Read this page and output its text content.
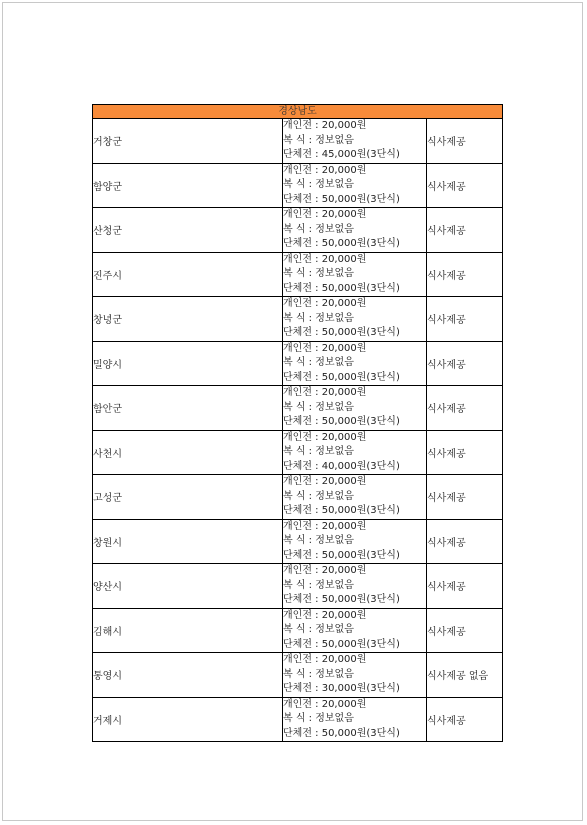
경상남도		
거창군	개인전 : 20,000원
복 식 : 정보없음
단체전 : 45,000원(3단식)	식사제공
함양군	개인전 : 20,000원
복 식 : 정보없음
단체전 : 50,000원(3단식)	식사제공
산청군	개인전 : 20,000원
복 식 : 정보없음
단체전 : 50,000원(3단식)	식사제공
진주시	개인전 : 20,000원
복 식 : 정보없음
단체전 : 50,000원(3단식)	식사제공
창녕군	개인전 : 20,000원
복 식 : 정보없음
단체전 : 50,000원(3단식)	식사제공
밀양시	개인전 : 20,000원
복 식 : 정보없음
단체전 : 50,000원(3단식)	식사제공
함안군	개인전 : 20,000원
복 식 : 정보없음
단체전 : 50,000원(3단식)	식사제공
사천시	개인전 : 20,000원
복 식 : 정보없음
단체전 : 40,000원(3단식)	식사제공
고성군	개인전 : 20,000원
복 식 : 정보없음
단체전 : 50,000원(3단식)	식사제공
창원시	개인전 : 20,000원
복 식 : 정보없음
단체전 : 50,000원(3단식)	식사제공
양산시	개인전 : 20,000원
복 식 : 정보없음
단체전 : 50,000원(3단식)	식사제공
김해시	개인전 : 20,000원
복 식 : 정보없음
단체전 : 50,000원(3단식)	식사제공
통영시	개인전 : 20,000원
복 식 : 정보없음
단체전 : 30,000원(3단식)	식사제공 없음
거제시	개인전 : 20,000원
복 식 : 정보없음
단체전 : 50,000원(3단식)	식사제공
